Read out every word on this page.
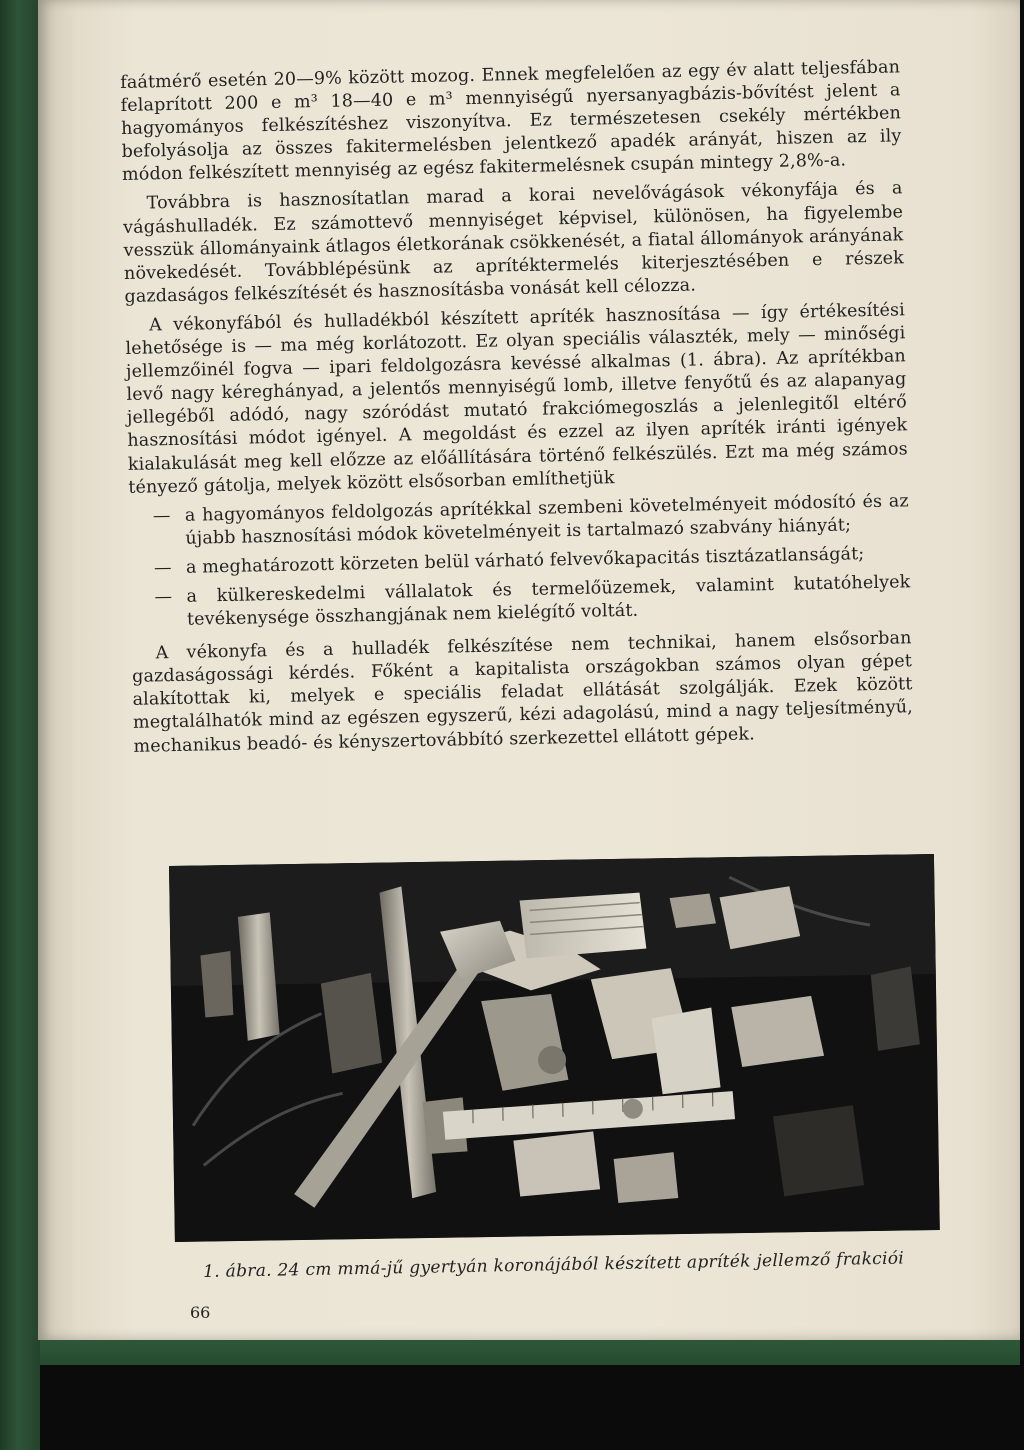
faátmérő esetén 20—9% között mozog. Ennek megfelelően az egy év alatt teljesfában felaprított 200 e m³ 18—40 e m³ mennyiségű nyersanyagbázis-bővítést jelent a hagyományos felkészítéshez viszonyítva. Ez természetesen csekély mértékben befolyásolja az összes fakitermelésben jelentkező apadék arányát, hiszen az ily módon felkészített mennyiség az egész fakitermelésnek csupán mintegy 2,8%-a.

Továbbra is hasznosítatlan marad a korai nevelővágások vékonyfája és a vágáshulladék. Ez számottevő mennyiséget képvisel, különösen, ha figyelembe vesszük állományaink átlagos életkorának csökkenését, a fiatal állományok arányának növekedését. Továbblépésünk az aprítéktermelés kiterjesztésében e részek gazdaságos felkészítését és hasznosításba vonását kell célozza.

A vékonyfából és hulladékból készített apríték hasznosítása — így értékesítési lehetősége is — ma még korlátozott. Ez olyan speciális választék, mely — minőségi jellemzőinél fogva — ipari feldolgozásra kevéssé alkalmas (1. ábra). Az aprítékban levő nagy kéreghányad, a jelentős mennyiségű lomb, illetve fenyőtű és az alapanyag jellegéből adódó, nagy szóródást mutató frakciómegoszlás a jelenlegitől eltérő hasznosítási módot igényel. A megoldást és ezzel az ilyen apríték iránti igények kialakulását meg kell előzze az előállítására történő felkészülés. Ezt ma még számos tényező gátolja, melyek között elsősorban említhetjük

— a hagyományos feldolgozás aprítékkal szembeni követelményeit módosító és az újabb hasznosítási módok követelményeit is tartalmazó szabvány hiányát;
— a meghatározott körzeten belül várható felvevőkapacitás tisztázatlanságát;
— a külkereskedelmi vállalatok és termelőüzemek, valamint kutatóhelyek tevékenysége összhangjának nem kielégítő voltát.

A vékonyfa és a hulladék felkészítése nem technikai, hanem elsősorban gazdaságossági kérdés. Főként a kapitalista országokban számos olyan gépet alakítottak ki, melyek e speciális feladat ellátását szolgálják. Ezek között megtalálhatók mind az egészen egyszerű, kézi adagolású, mind a nagy teljesítményű, mechanikus beadó- és kényszertovábbító szerkezettel ellátott gépek.

1. ábra. 24 cm mmá-jű gyertyán koronájából készített apríték jellemző frakciói
66
